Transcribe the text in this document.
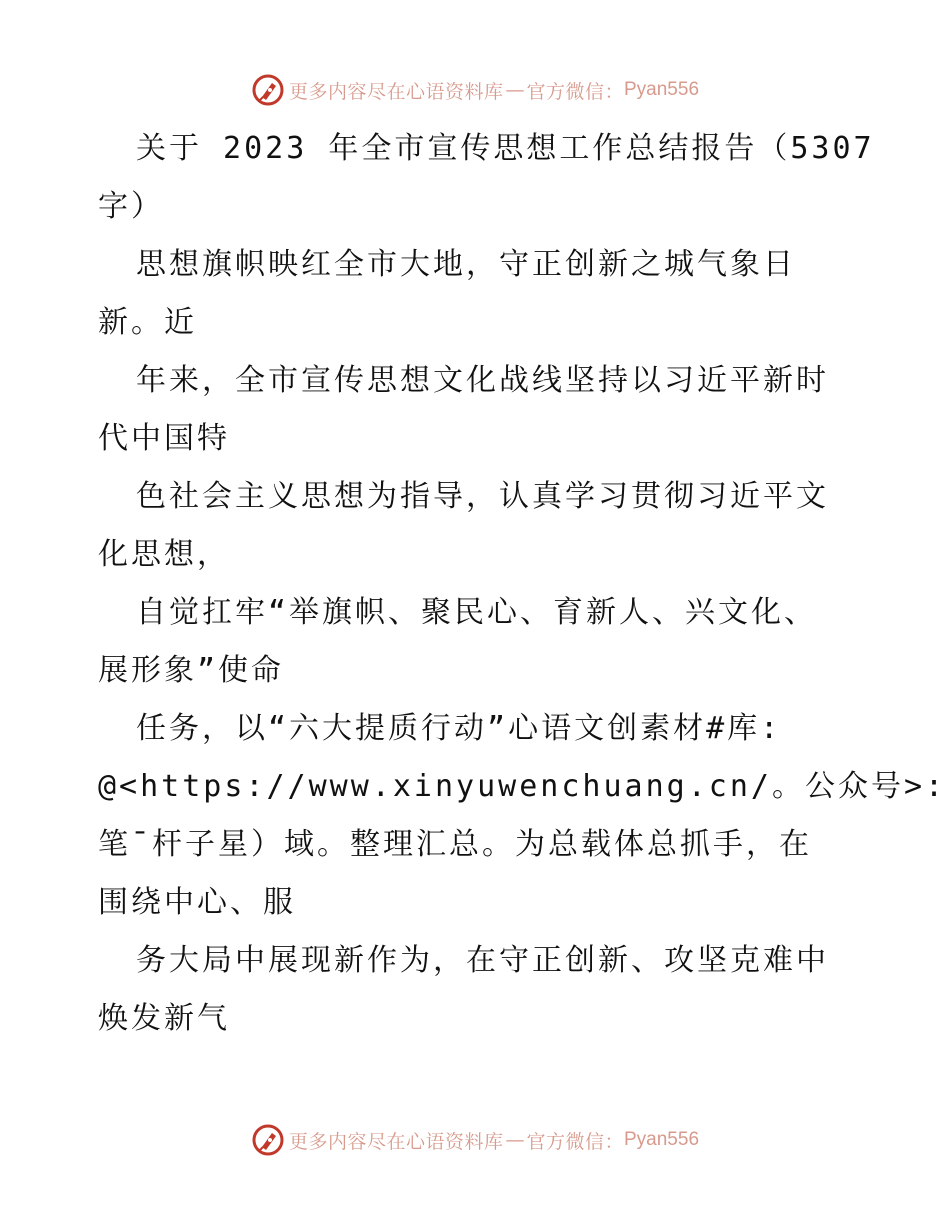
更多内容尽在心语资料库 — 官方微信： Pyan556
关于 2023 年全市宣传思想工作总结报告（5307
字）
思想旗帜映红全市大地，守正创新之城气象日
新。近
年来，全市宣传思想文化战线坚持以习近平新时
代中国特
色社会主义思想为指导，认真学习贯彻习近平文
化思想，
自觉扛牢“举旗帜、聚民心、育新人、兴文化、
展形象”使命
任务，以“六大提质行动”心语文创素材#库:
@<https://www.xinyuwenchuang.cn/。公众号>:
笔¯杆子星）域。整理汇总。为总载体总抓手，在
围绕中心、服
务大局中展现新作为，在守正创新、攻坚克难中
焕发新气
更多内容尽在心语资料库 — 官方微信： Pyan556
